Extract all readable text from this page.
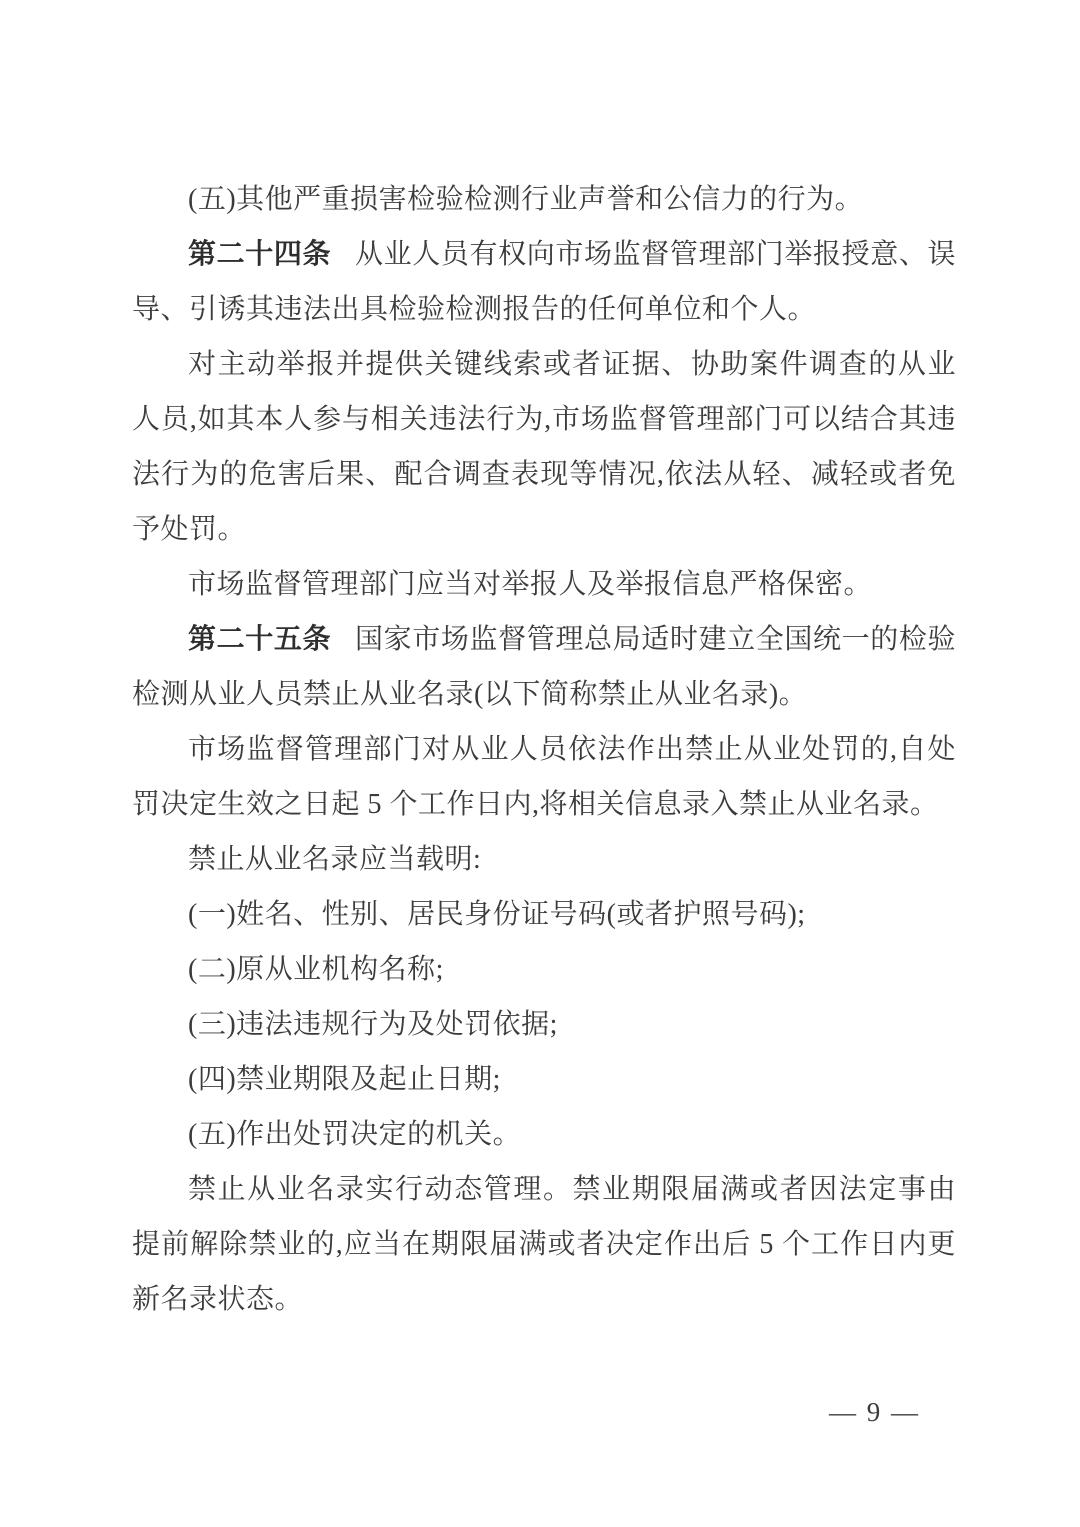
(五)其他严重损害检验检测行业声誉和公信力的行为。

第二十四条 从业人员有权向市场监督管理部门举报授意、误导、引诱其违法出具检验检测报告的任何单位和个人。

对主动举报并提供关键线索或者证据、协助案件调查的从业人员,如其本人参与相关违法行为,市场监督管理部门可以结合其违法行为的危害后果、配合调查表现等情况,依法从轻、减轻或者免予处罚。

市场监督管理部门应当对举报人及举报信息严格保密。

第二十五条 国家市场监督管理总局适时建立全国统一的检验检测从业人员禁止从业名录(以下简称禁止从业名录)。

市场监督管理部门对从业人员依法作出禁止从业处罚的,自处罚决定生效之日起 5 个工作日内,将相关信息录入禁止从业名录。

禁止从业名录应当载明:

(一)姓名、性别、居民身份证号码(或者护照号码);

(二)原从业机构名称;

(三)违法违规行为及处罚依据;

(四)禁业期限及起止日期;

(五)作出处罚决定的机关。

禁止从业名录实行动态管理。禁业期限届满或者因法定事由提前解除禁业的,应当在期限届满或者决定作出后 5 个工作日内更新名录状态。

— 9 —
